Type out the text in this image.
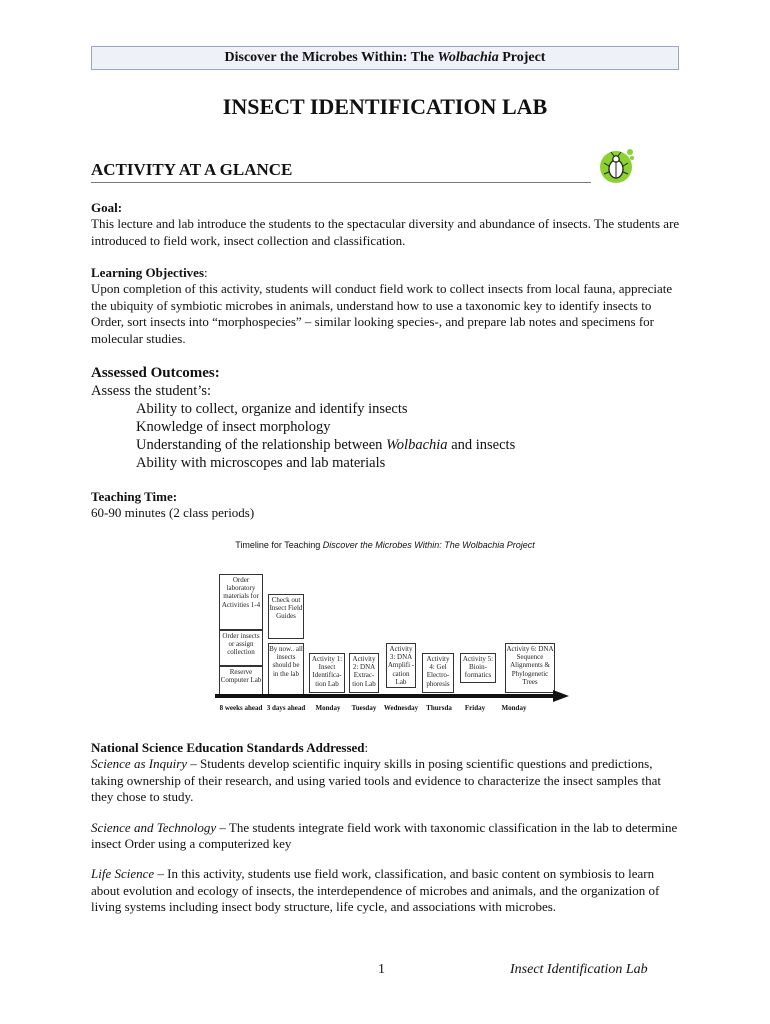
Discover the Microbes Within: The Wolbachia Project
INSECT IDENTIFICATION LAB
ACTIVITY AT A GLANCE
Goal:
This lecture and lab introduce the students to the spectacular diversity and abundance of insects. The students are introduced to field work, insect collection and classification.
Learning Objectives:
Upon completion of this activity, students will conduct field work to collect insects from local fauna, appreciate the ubiquity of symbiotic microbes in animals, understand how to use a taxonomic key to identify insects to Order, sort insects into “morphospecies” – similar looking species-, and prepare lab notes and specimens for molecular studies.
Assessed Outcomes:
Assess the student’s:
Ability to collect, organize and identify insects
Knowledge of insect morphology
Understanding of the relationship between Wolbachia and insects
Ability with microscopes and lab materials
Teaching Time:
60-90 minutes (2 class periods)
Timeline for Teaching Discover the Microbes Within: The Wolbachia Project
Order laboratory materials for Activities 1-4
Order insects or assign collection
Reserve Computer Lab
Check out Insect Field Guides
By now.. all insects should be in the lab
Activity 1: Insect Identifica- tion Lab
Activity 2: DNA Extrac- tion Lab
Activity 3: DNA Amplifi -cation Lab
Activity 4: Gel Electro- phoresis
Activity 5: Bioin- formatics
Activity 6: DNA Sequence Alignments & Phylogenetic Trees
8 weeks ahead 3 days ahead	Monday	Tuesday	Wednesday	Thursda	Friday	Monday
National Science Education Standards Addressed:
Science as Inquiry – Students develop scientific inquiry skills in posing scientific questions and predictions, taking ownership of their research, and using varied tools and evidence to characterize the insect samples that they chose to study.
Science and Technology – The students integrate field work with taxonomic classification in the lab to determine insect Order using a computerized key
Life Science – In this activity, students use field work, classification, and basic content on symbiosis to learn about evolution and ecology of insects, the interdependence of microbes and animals, and the organization of living systems including insect body structure, life cycle, and associations with microbes.
1	Insect Identification Lab
